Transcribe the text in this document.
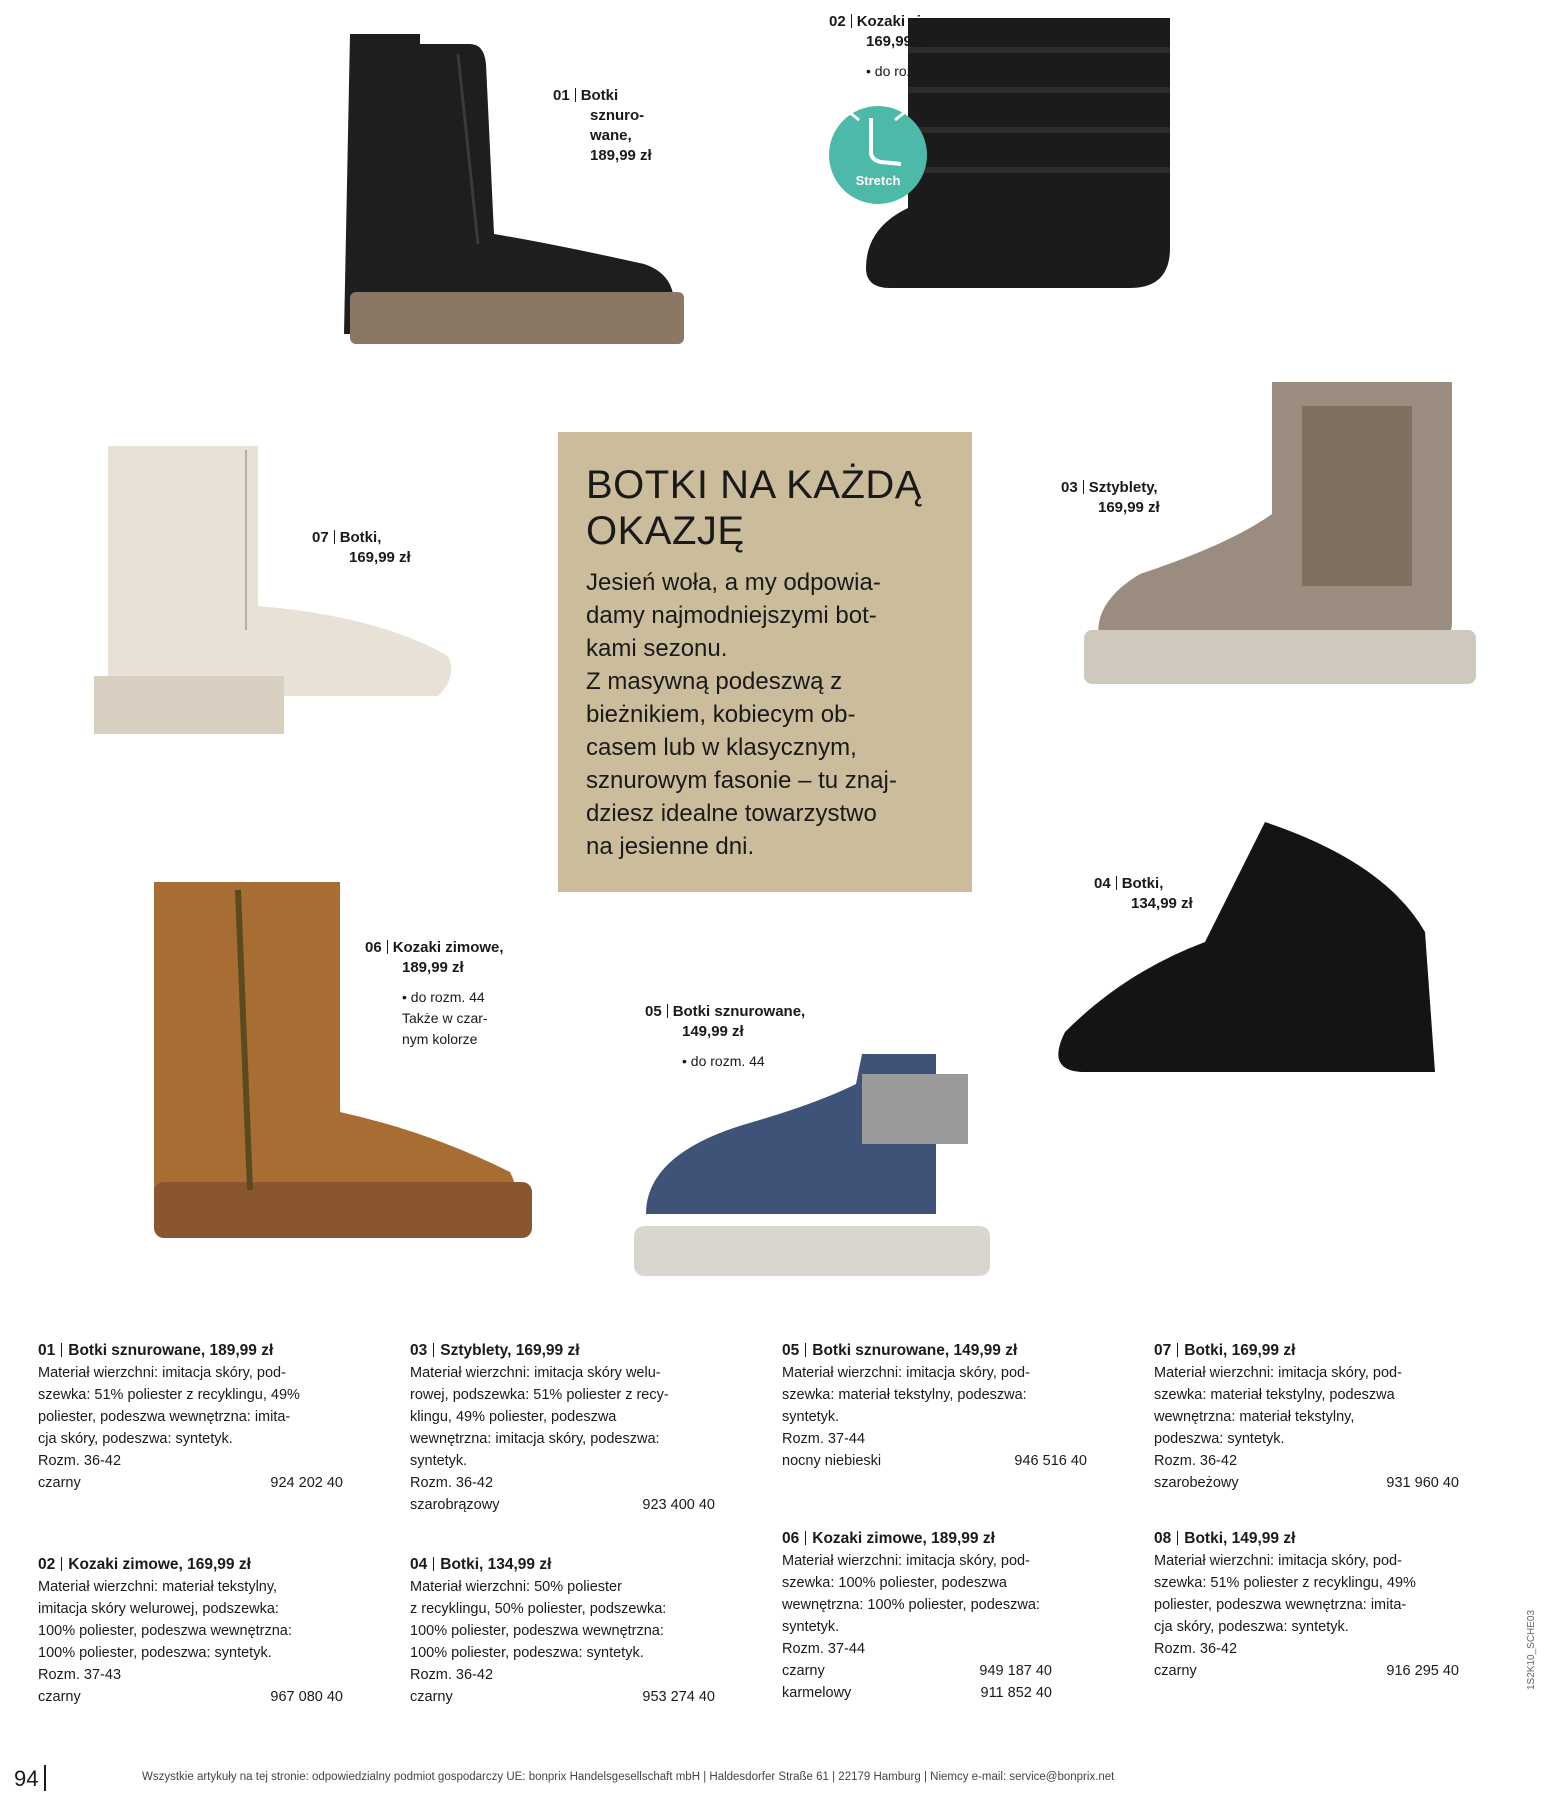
Stretch
01 Botki
sznuro-
wane,
189,99 zł
02 Kozaki zimowe,
169,99 zł
• do rozm. 43
03 Sztyblety,
169,99 zł
04 Botki,
134,99 zł
05 Botki sznurowane,
149,99 zł
• do rozm. 44
06 Kozaki zimowe,
189,99 zł
• do rozm. 44
Także w czar-
nym kolorze
07 Botki,
169,99 zł
BOTKI NA KAŻDĄ
OKAZJĘ

Jesień woła, a my odpowia-
damy najmodniejszymi bot-
kami sezonu.
Z masywną podeszwą z
bieżnikiem, kobiecym ob-
casem lub w klasycznym,
sznurowym fasonie – tu znaj-
dziesz idealne towarzystwo
na jesienne dni.

01 Botki sznurowane, 189,99 zł
Materiał wierzchni: imitacja skóry, pod-
szewka: 51% poliester z recyklingu, 49%
poliester, podeszwa wewnętrzna: imita-
cja skóry, podeszwa: syntetyk.
Rozm. 36-42
czarny	924 202 40
02 Kozaki zimowe, 169,99 zł
Materiał wierzchni: materiał tekstylny,
imitacja skóry welurowej, podszewka:
100% poliester, podeszwa wewnętrzna:
100% poliester, podeszwa: syntetyk.
Rozm. 37-43
czarny	967 080 40
03 Sztyblety, 169,99 zł
Materiał wierzchni: imitacja skóry welu-
rowej, podszewka: 51% poliester z recy-
klingu, 49% poliester, podeszwa
wewnętrzna: imitacja skóry, podeszwa:
syntetyk.
Rozm. 36-42
szarobrązowy	923 400 40
04 Botki, 134,99 zł
Materiał wierzchni: 50% poliester
z recyklingu, 50% poliester, podszewka:
100% poliester, podeszwa wewnętrzna:
100% poliester, podeszwa: syntetyk.
Rozm. 36-42
czarny	953 274 40
05 Botki sznurowane, 149,99 zł
Materiał wierzchni: imitacja skóry, pod-
szewka: materiał tekstylny, podeszwa:
syntetyk.
Rozm. 37-44
nocny niebieski	946 516 40
06 Kozaki zimowe, 189,99 zł
Materiał wierzchni: imitacja skóry, pod-
szewka: 100% poliester, podeszwa
wewnętrzna: 100% poliester, podeszwa:
syntetyk.
Rozm. 37-44
czarny	949 187 40
karmelowy	911 852 40
07 Botki, 169,99 zł
Materiał wierzchni: imitacja skóry, pod-
szewka: materiał tekstylny, podeszwa
wewnętrzna: materiał tekstylny,
podeszwa: syntetyk.
Rozm. 36-42
szarobeżowy	931 960 40
08 Botki, 149,99 zł
Materiał wierzchni: imitacja skóry, pod-
szewka: 51% poliester z recyklingu, 49%
poliester, podeszwa wewnętrzna: imita-
cja skóry, podeszwa: syntetyk.
Rozm. 36-42
czarny	916 295 40
94	Wszystkie artykuły na tej stronie: odpowiedzialny podmiot gospodarczy UE: bonprix Handelsgesellschaft mbH | Haldesdorfer Straße 61 | 22179 Hamburg | Niemcy e-mail: service@bonprix.net
1S2K10_SCHE03
